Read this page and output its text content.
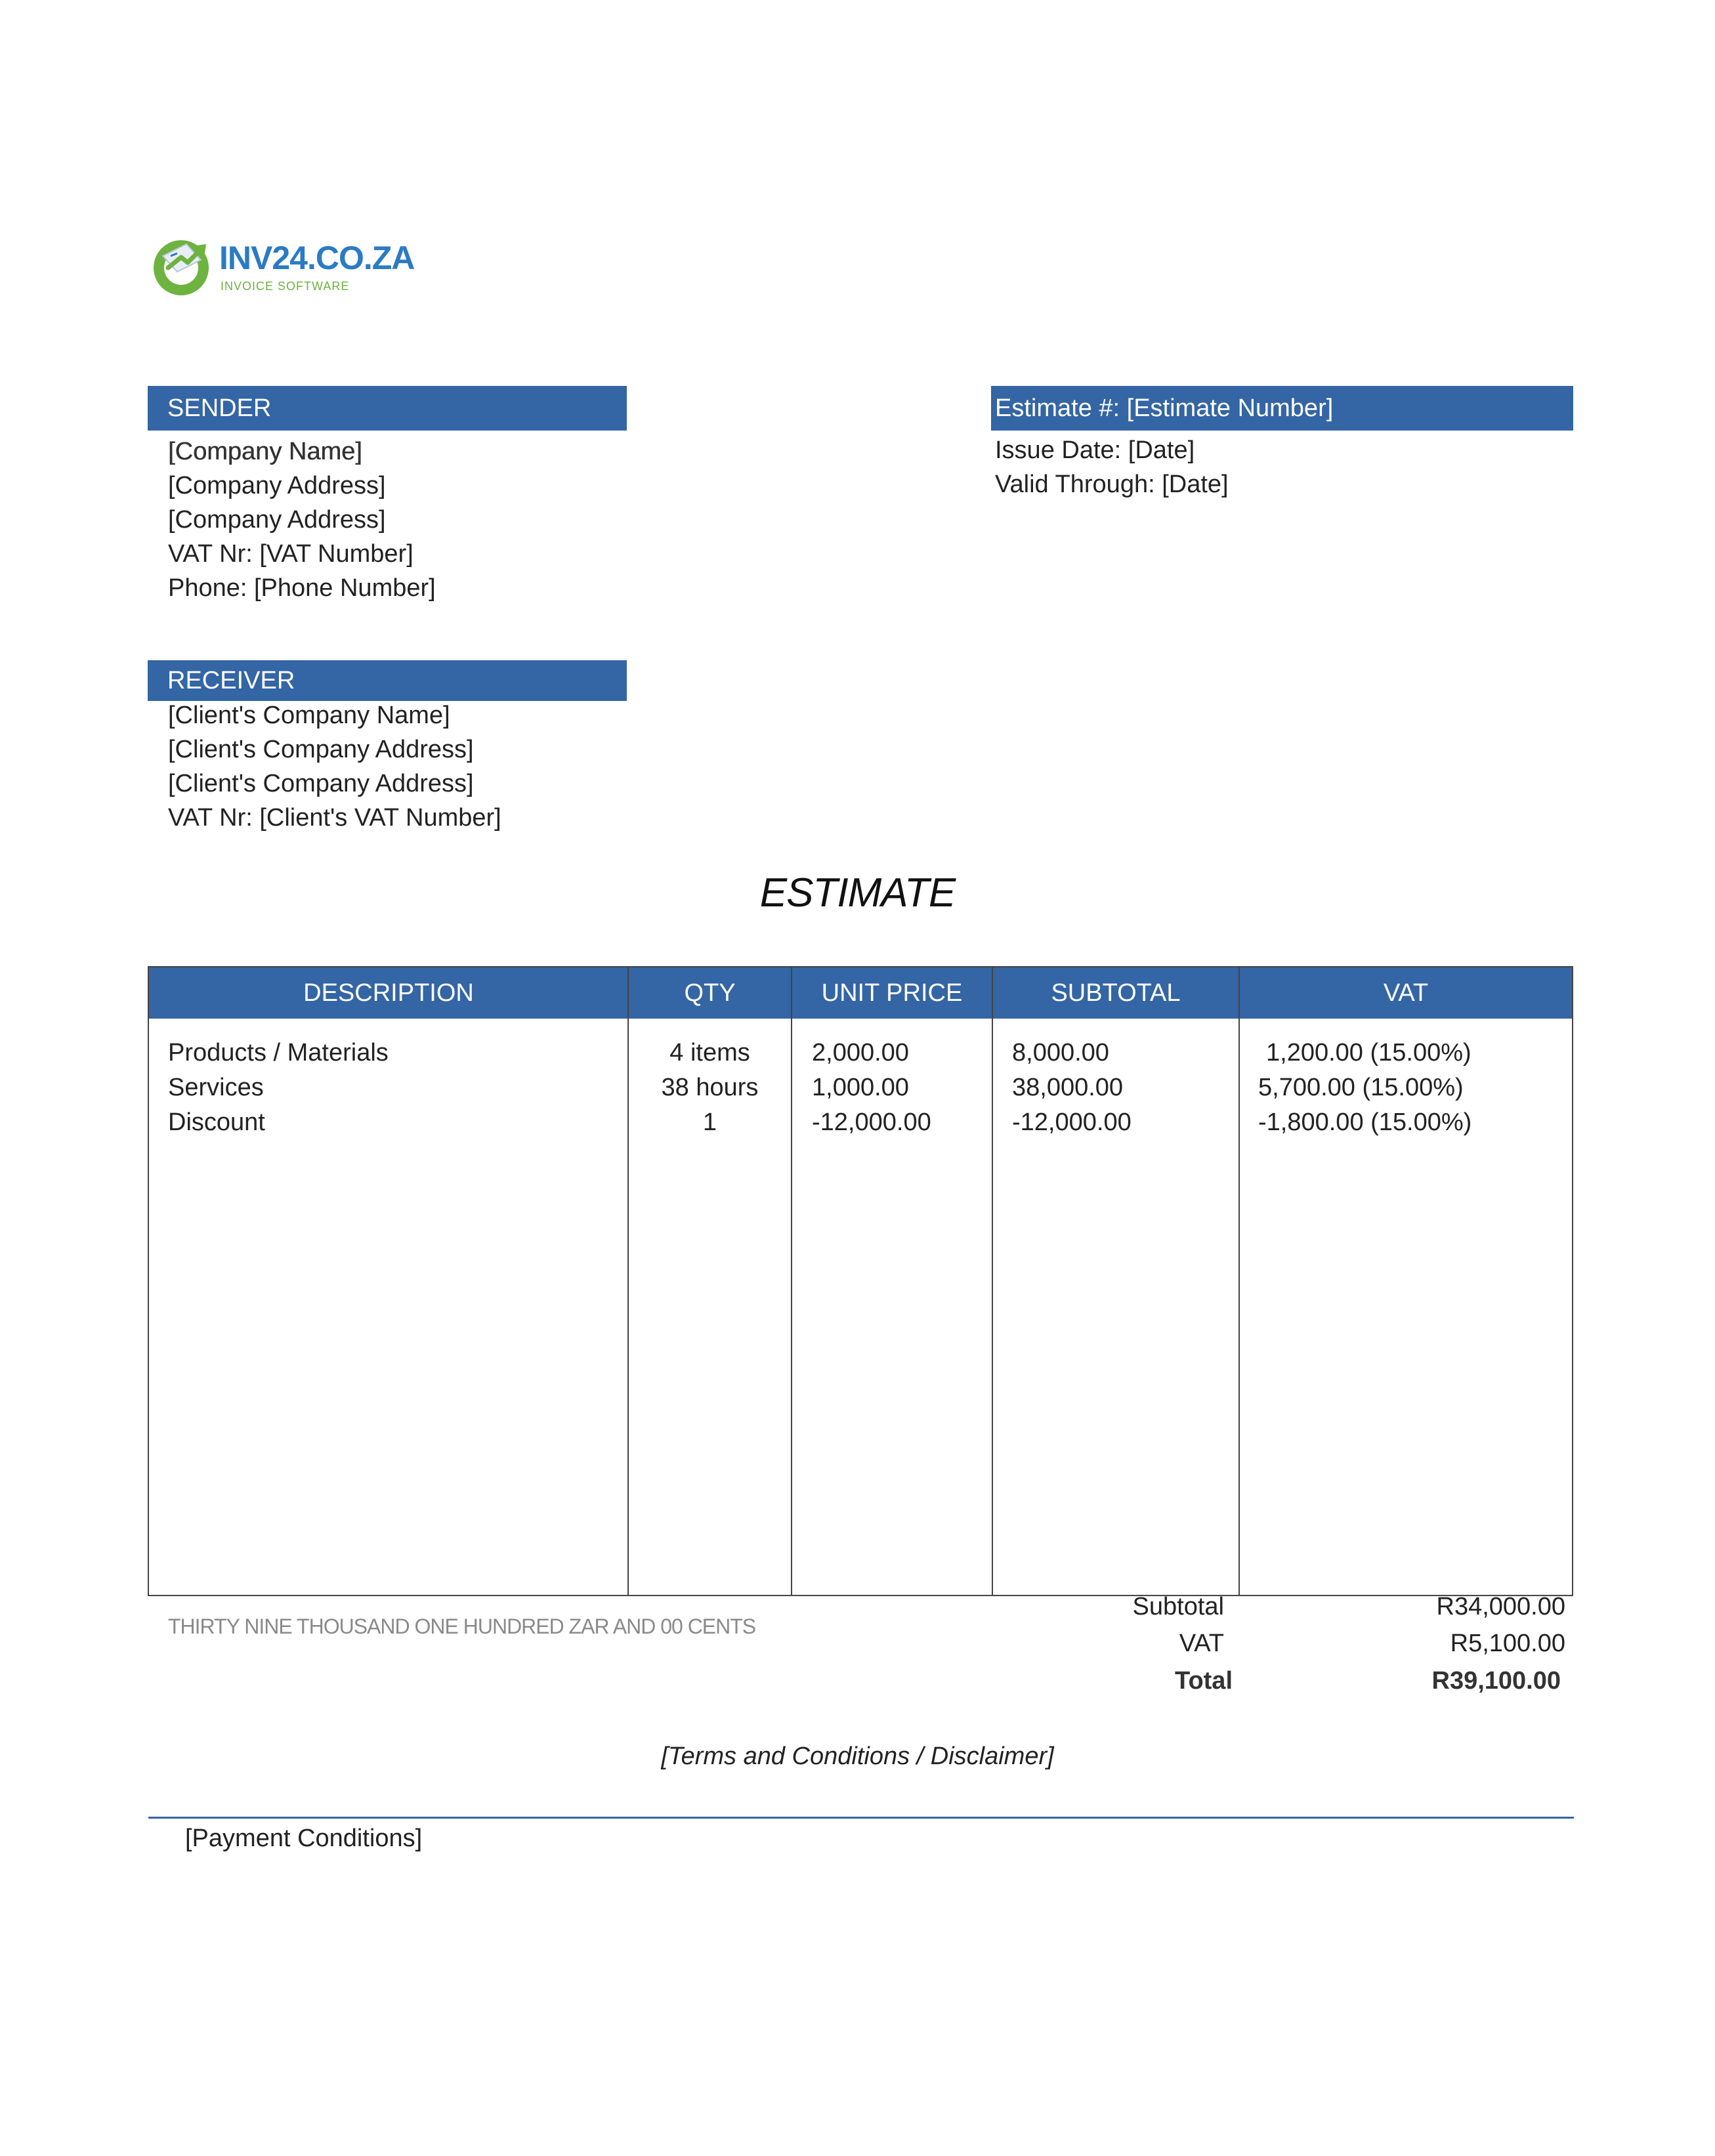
INV24.CO.ZA
INVOICE SOFTWARE
SENDER
[Company Name]
[Company Address]
[Company Address]
VAT Nr: [VAT Number]
Phone: [Phone Number]
Estimate #: [Estimate Number]
Issue Date: [Date]
Valid Through: [Date]
RECEIVER
[Client's Company Name]
[Client's Company Address]
[Client's Company Address]
VAT Nr: [Client's VAT Number]
ESTIMATE
DESCRIPTION	QTY	UNIT PRICE	SUBTOTAL	VAT
Products / Materials	4 items	2,000.00	8,000.00	1,200.00 (15.00%)
Services	38 hours	1,000.00	38,000.00	5,700.00 (15.00%)
Discount	1	-12,000.00	-12,000.00	-1,800.00 (15.00%)
THIRTY NINE THOUSAND ONE HUNDRED ZAR AND 00 CENTS
Subtotal	R34,000.00
VAT	R5,100.00
Total	R39,100.00
[Terms and Conditions / Disclaimer]
[Payment Conditions]
